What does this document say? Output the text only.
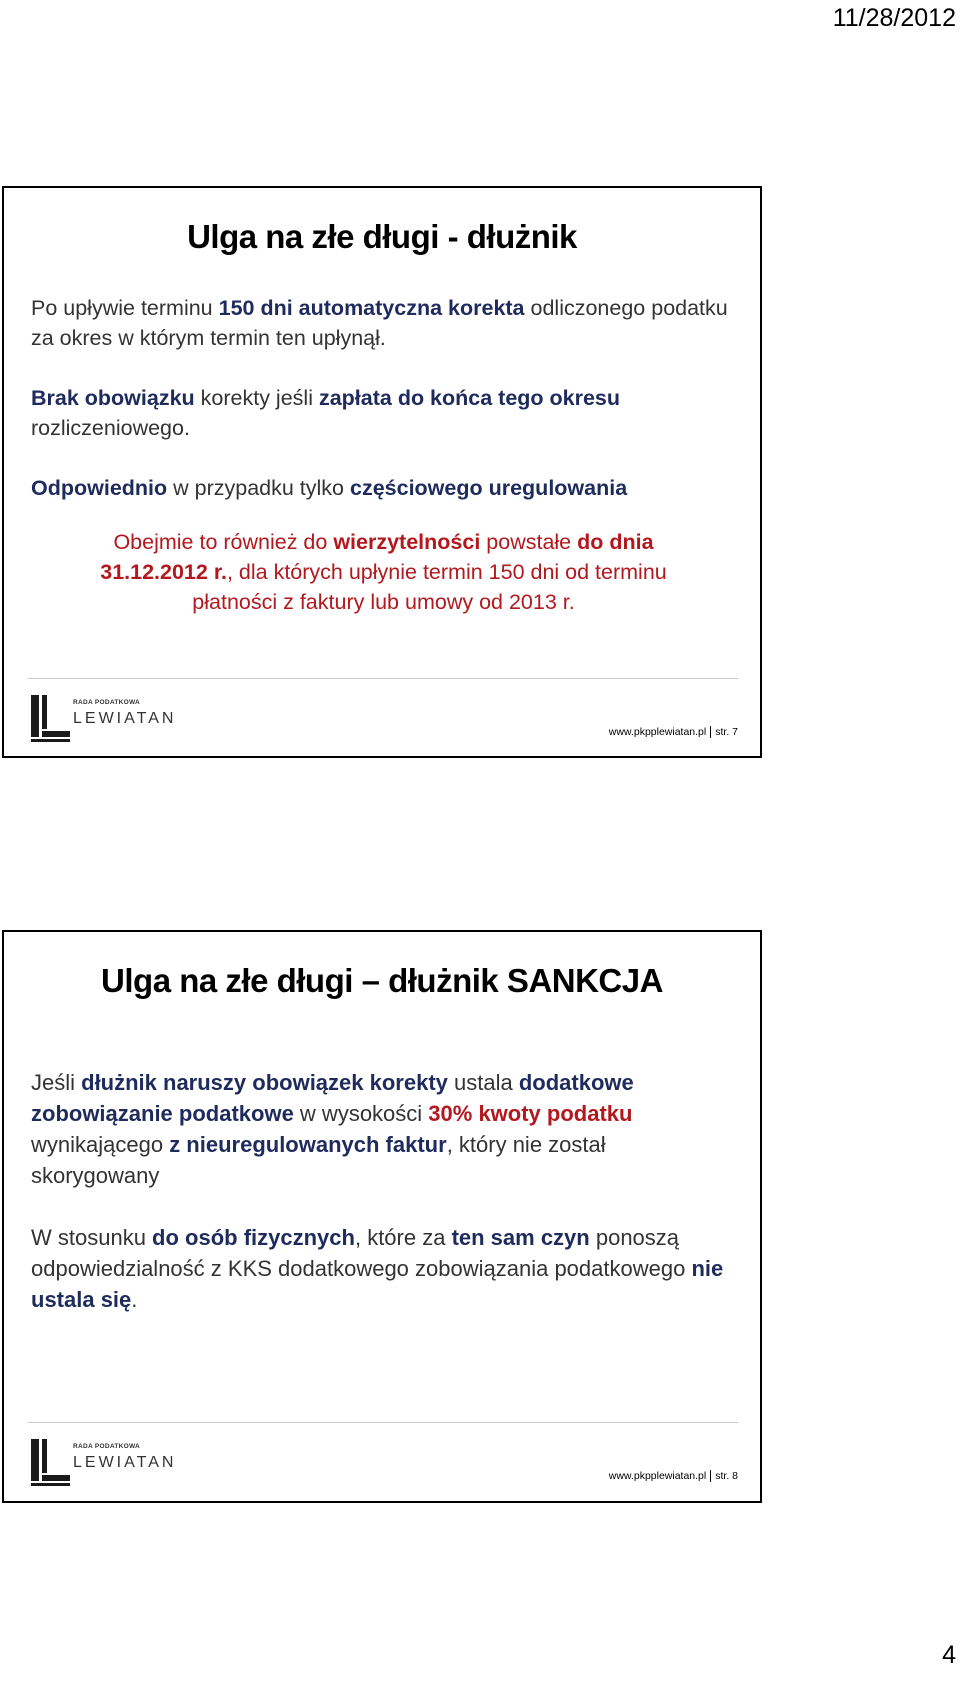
11/28/2012
Ulga na złe długi - dłużnik

Po upływie terminu 150 dni automatyczna korekta odliczonego podatku za okres w którym termin ten upłynął.

Brak obowiązku korekty jeśli zapłata do końca tego okresu rozliczeniowego.

Odpowiednio w przypadku tylko częściowego uregulowania

Obejmie to również do wierzytelności powstałe do dnia 31.12.2012 r., dla których upłynie termin 150 dni od terminu płatności z faktury lub umowy od 2013 r.

RADA PODATKOWA
LEWIATAN
www.pkpplewiatan.pl str. 7
Ulga na złe długi – dłużnik SANKCJA

Jeśli dłużnik naruszy obowiązek korekty ustala dodatkowe zobowiązanie podatkowe w wysokości 30% kwoty podatku wynikającego z nieuregulowanych faktur, który nie został skorygowany

W stosunku do osób fizycznych, które za ten sam czyn ponoszą odpowiedzialność z KKS dodatkowego zobowiązania podatkowego nie ustala się.

RADA PODATKOWA
LEWIATAN
www.pkpplewiatan.pl str. 8
4
